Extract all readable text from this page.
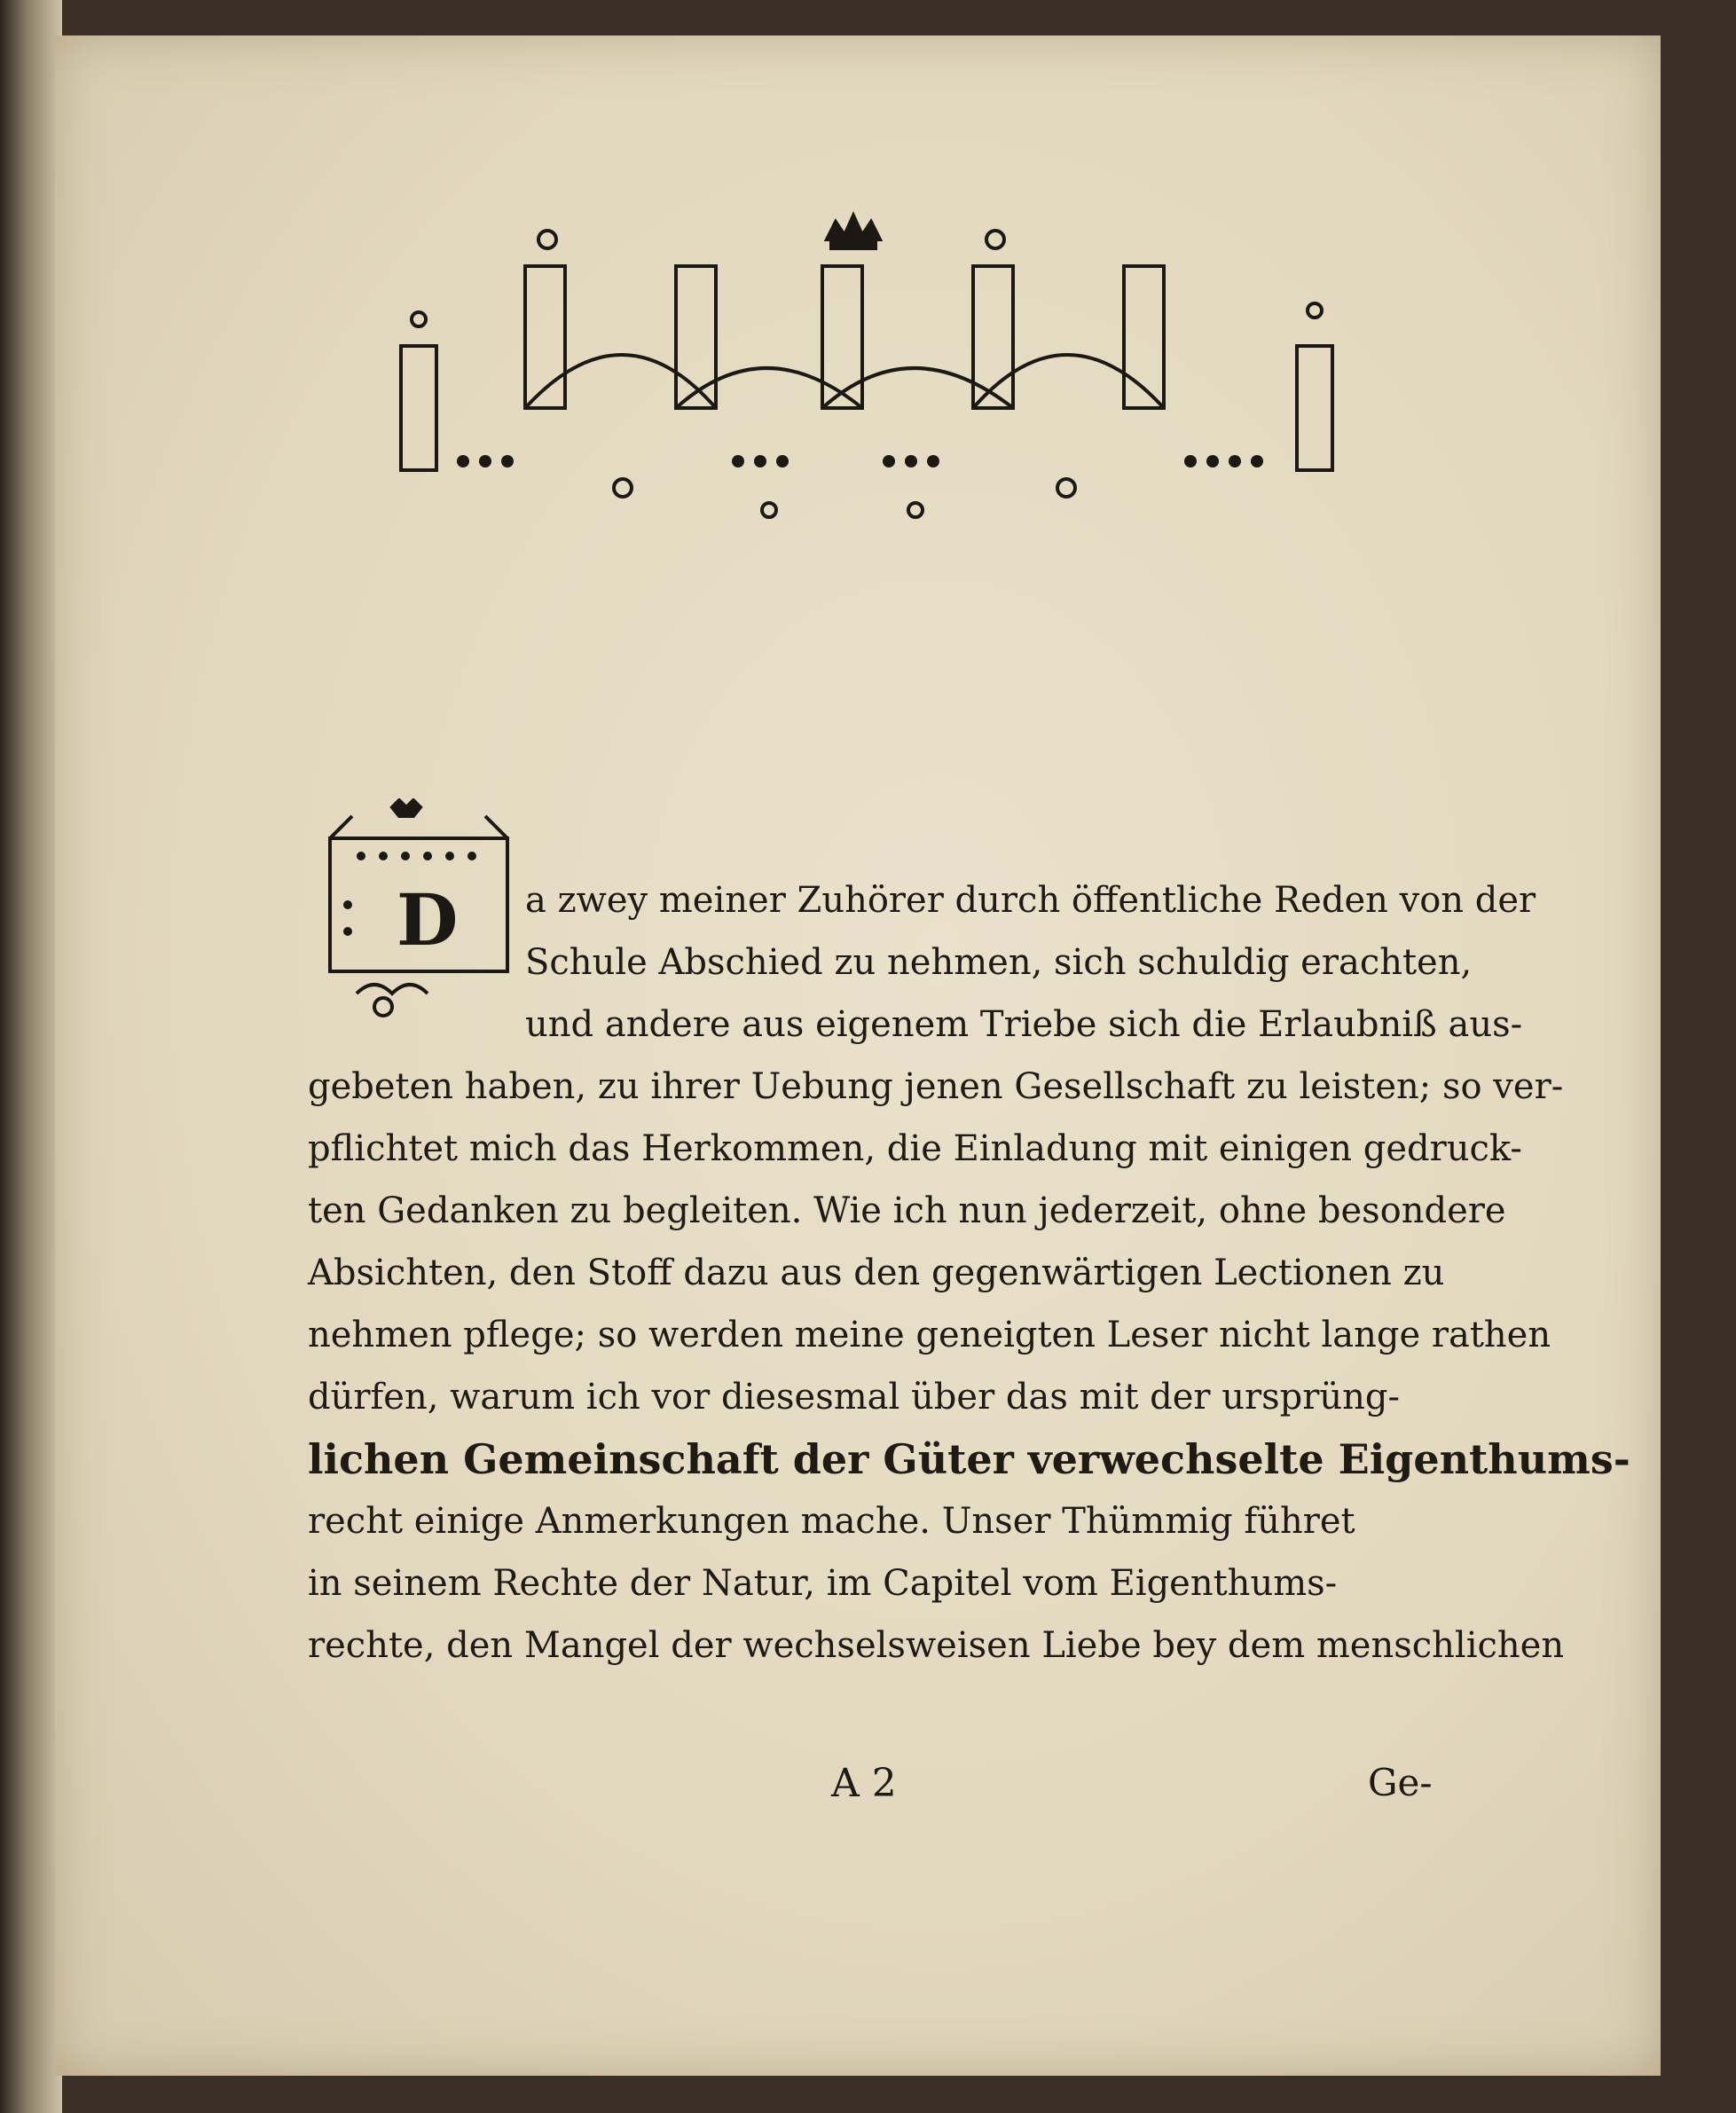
D	a zwey meiner Zuhörer durch öffentliche Reden von der
Schule Abschied zu nehmen, sich schuldig erachten,
und andere aus eigenem Triebe sich die Erlaubniß aus-
gebeten haben, zu ihrer Uebung jenen Gesellschaft zu leisten; so ver-
pflichtet mich das Herkommen, die Einladung mit einigen gedruck-
ten Gedanken zu begleiten. Wie ich nun jederzeit, ohne besondere
Absichten, den Stoff dazu aus den gegenwärtigen Lectionen zu
nehmen pflege; so werden meine geneigten Leser nicht lange rathen
dürfen, warum ich vor diesesmal über das mit der ursprüng-
lichen Gemeinschaft der Güter verwechselte Eigenthums-
recht einige Anmerkungen mache. Unser Thümmig führet
in seinem Rechte der Natur, im Capitel vom Eigenthums-
rechte, den Mangel der wechselsweisen Liebe bey dem menschlichen
A 2	Ge-
